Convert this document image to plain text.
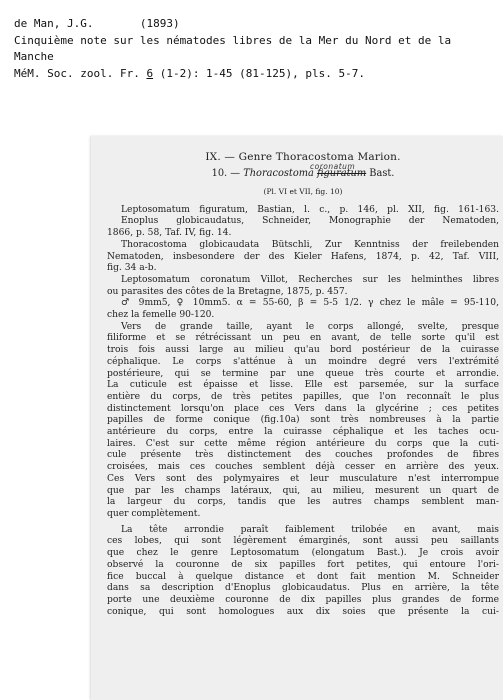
de Man, J.G.       (1893)
Cinquième note sur les nématodes libres de la Mer du Nord et de la
Manche
MéM. Soc. zool. Fr. 6 (1-2): 1-45 (81-125), pls. 5-7.
IX. — Genre Thoracostoma Marion.
coronatum
10. — Thoracostoma figuratum Bast.
(Pl. VI et VII, fig. 10)
Leptosomatum figuratum, Bastian, l. c., p. 146, pl. XII, fig. 161-163.
Enoplus globicaudatus, Schneider, Monographie der Nematoden,
1866, p. 58, Taf. IV, fig. 14.
Thoracostoma globicaudata Bütschli, Zur Kenntniss der freilebenden
Nematoden, insbesondere der des Kieler Hafens, 1874, p. 42, Taf. VIII,
fig. 34 a-b.
Leptosomatum coronatum Villot, Recherches sur les helminthes libres
ou parasites des côtes de la Bretagne, 1875, p. 457.
♂ 9mm5, ♀ 10mm5. α = 55-60, β = 5-5 1/2. γ chez le mâle = 95-110,
chez la femelle 90-120.
Vers de grande taille, ayant le corps allongé, svelte, presque
filiforme et se rétrécissant un peu en avant, de telle sorte qu'il est
trois fois aussi large au milieu qu'au bord postérieur de la cuirasse
céphalique. Le corps s'atténue à un moindre degré vers l'extrémité
postérieure, qui se termine par une queue très courte et arrondie.
La cuticule est épaisse et lisse. Elle est parsemée, sur la surface
entière du corps, de très petites papilles, que l'on reconnaît le plus
distinctement lorsqu'on place ces Vers dans la glycérine ; ces petites
papilles de forme conique (fig.10a) sont très nombreuses à la partie
antérieure du corps, entre la cuirasse céphalique et les taches ocu-
laires. C'est sur cette même région antérieure du corps que la cuti-
cule présente très distinctement des couches profondes de fibres
croisées, mais ces couches semblent déjà cesser en arrière des yeux.
Ces Vers sont des polymyaires et leur musculature n'est interrompue
que par les champs latéraux, qui, au milieu, mesurent un quart de
la largeur du corps, tandis que les autres champs semblent man-
quer complètement.
La tête arrondie paraît faiblement trilobée en avant, mais
ces lobes, qui sont légèrement émarginés, sont aussi peu saillants
que chez le genre Leptosomatum (elongatum Bast.). Je crois avoir
observé la couronne de six papilles fort petites, qui entoure l'ori-
fice buccal à quelque distance et dont fait mention M. Schneider
dans sa description d'Enoplus globicaudatus. Plus en arrière, la tête
porte une deuxième couronne de dix papilles plus grandes de forme
conique, qui sont homologues aux dix soies que présente la cui-
